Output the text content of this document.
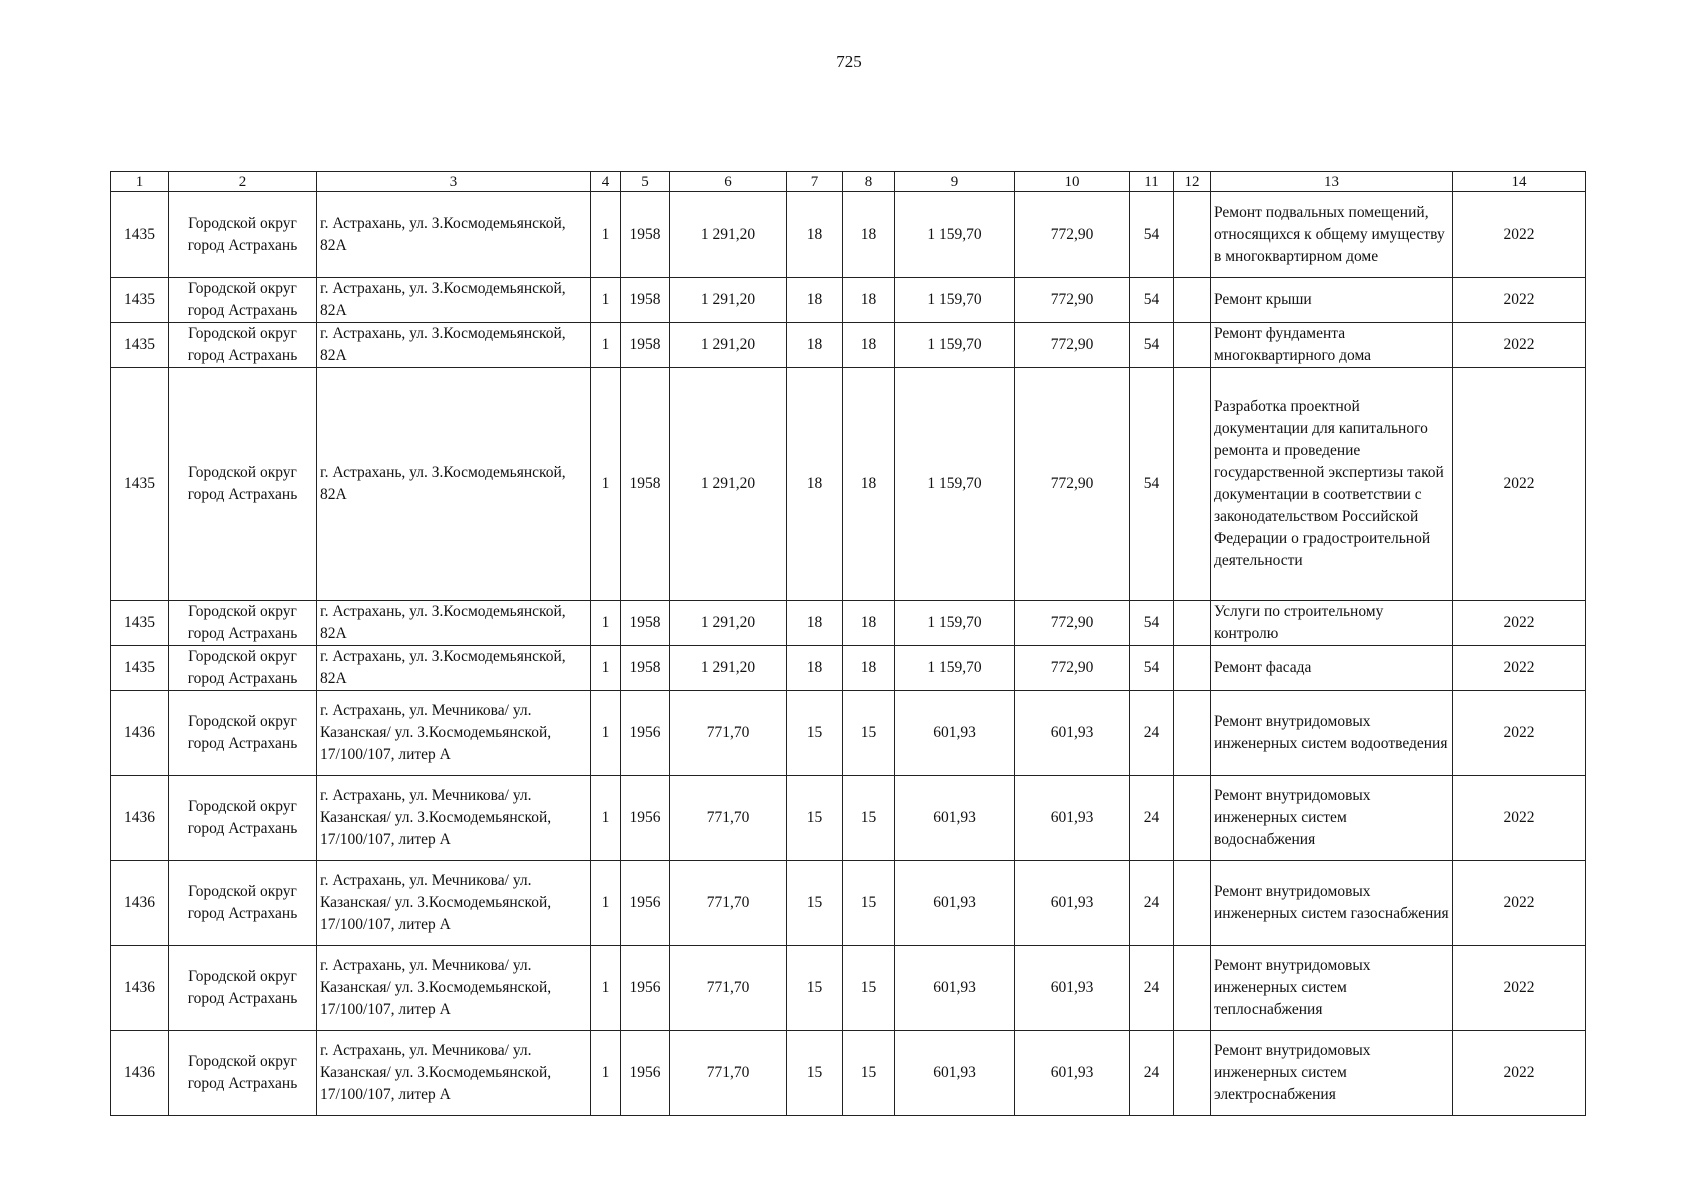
725
1	2	3	4	5	6	7	8	9	10	11	12	13	14
1435	Городской округ город Астрахань	г. Астрахань, ул. З.Космодемьянской, 82А	1	1958	1 291,20	18	18	1 159,70	772,90	54		Ремонт подвальных помещений, относящихся к общему имуществу в многоквартирном доме	2022
1435	Городской округ город Астрахань	г. Астрахань, ул. З.Космодемьянской, 82А	1	1958	1 291,20	18	18	1 159,70	772,90	54		Ремонт крыши	2022
1435	Городской округ город Астрахань	г. Астрахань, ул. З.Космодемьянской, 82А	1	1958	1 291,20	18	18	1 159,70	772,90	54		Ремонт фундамента многоквартирного дома	2022
1435	Городской округ город Астрахань	г. Астрахань, ул. З.Космодемьянской, 82А	1	1958	1 291,20	18	18	1 159,70	772,90	54		Разработка проектной документации для капитального ремонта и проведение государственной экспертизы такой документации в соответствии с законодательством Российской Федерации о градостроительной деятельности	2022
1435	Городской округ город Астрахань	г. Астрахань, ул. З.Космодемьянской, 82А	1	1958	1 291,20	18	18	1 159,70	772,90	54		Услуги по строительному контролю	2022
1435	Городской округ город Астрахань	г. Астрахань, ул. З.Космодемьянской, 82А	1	1958	1 291,20	18	18	1 159,70	772,90	54		Ремонт фасада	2022
1436	Городской округ город Астрахань	г. Астрахань, ул. Мечникова/ ул. Казанская/ ул. З.Космодемьянской, 17/100/107, литер А	1	1956	771,70	15	15	601,93	601,93	24		Ремонт внутридомовых инженерных систем водоотведения	2022
1436	Городской округ город Астрахань	г. Астрахань, ул. Мечникова/ ул. Казанская/ ул. З.Космодемьянской, 17/100/107, литер А	1	1956	771,70	15	15	601,93	601,93	24		Ремонт внутридомовых инженерных систем водоснабжения	2022
1436	Городской округ город Астрахань	г. Астрахань, ул. Мечникова/ ул. Казанская/ ул. З.Космодемьянской, 17/100/107, литер А	1	1956	771,70	15	15	601,93	601,93	24		Ремонт внутридомовых инженерных систем газоснабжения	2022
1436	Городской округ город Астрахань	г. Астрахань, ул. Мечникова/ ул. Казанская/ ул. З.Космодемьянской, 17/100/107, литер А	1	1956	771,70	15	15	601,93	601,93	24		Ремонт внутридомовых инженерных систем теплоснабжения	2022
1436	Городской округ город Астрахань	г. Астрахань, ул. Мечникова/ ул. Казанская/ ул. З.Космодемьянской, 17/100/107, литер А	1	1956	771,70	15	15	601,93	601,93	24		Ремонт внутридомовых инженерных систем электроснабжения	2022
